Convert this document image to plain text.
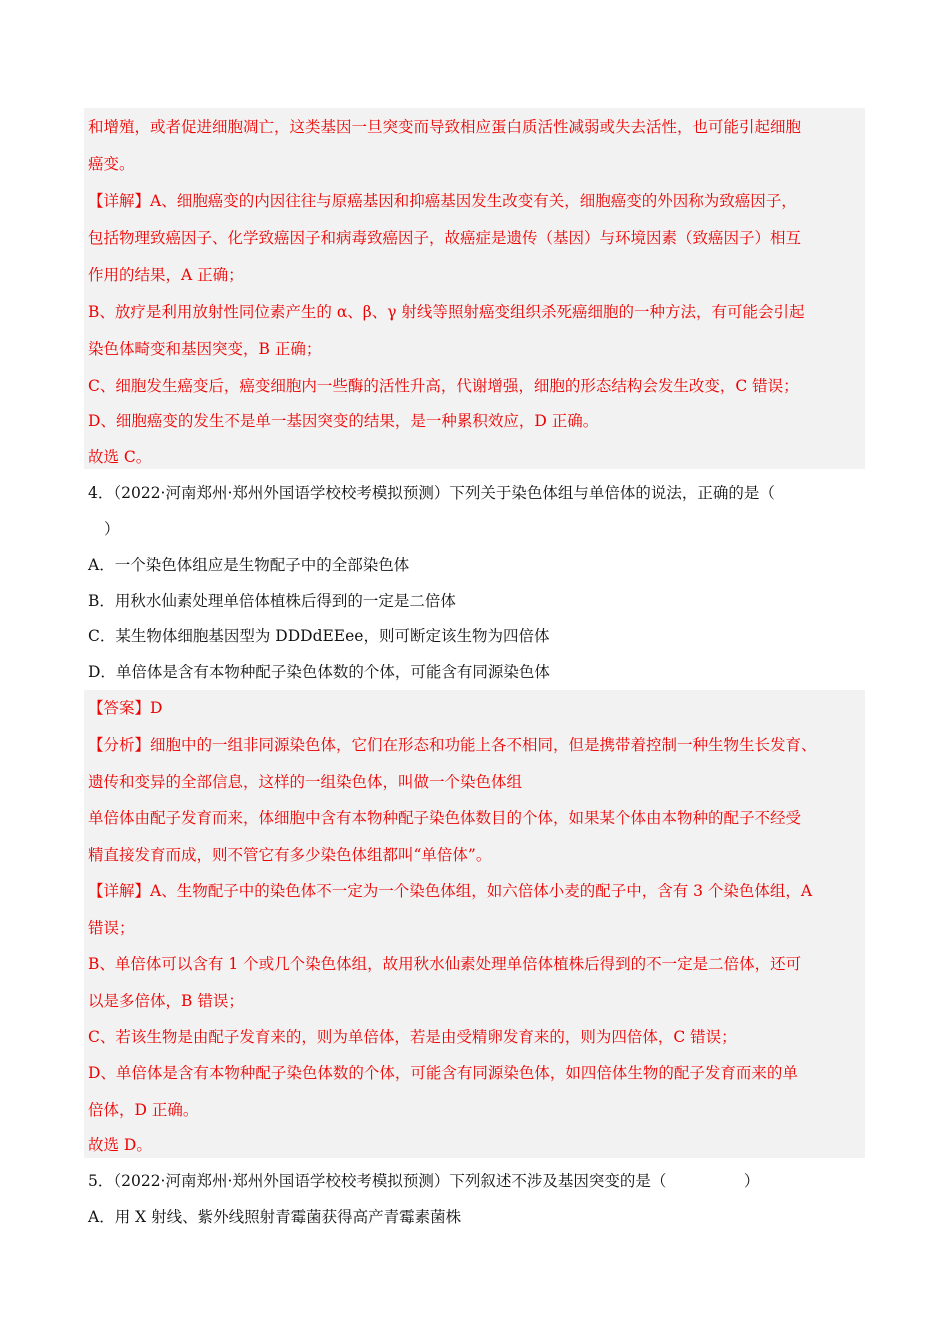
和增殖，或者促进细胞凋亡，这类基因一旦突变而导致相应蛋白质活性减弱或失去活性，也可能引起细胞
癌变。
【详解】A、细胞癌变的内因往往与原癌基因和抑癌基因发生改变有关，细胞癌变的外因称为致癌因子，
包括物理致癌因子、化学致癌因子和病毒致癌因子，故癌症是遗传（基因）与环境因素（致癌因子）相互
作用的结果，A 正确；
B、放疗是利用放射性同位素产生的 α、β、γ 射线等照射癌变组织杀死癌细胞的一种方法，有可能会引起
染色体畸变和基因突变，B 正确；
C、细胞发生癌变后，癌变细胞内一些酶的活性升高，代谢增强，细胞的形态结构会发生改变，C 错误；
D、细胞癌变的发生不是单一基因突变的结果，是一种累积效应，D 正确。
故选 C。
4．（2022·河南郑州·郑州外国语学校校考模拟预测）下列关于染色体组与单倍体的说法，正确的是（
）
A．一个染色体组应是生物配子中的全部染色体
B．用秋水仙素处理单倍体植株后得到的一定是二倍体
C．某生物体细胞基因型为 DDDdEEee，则可断定该生物为四倍体
D．单倍体是含有本物种配子染色体数的个体，可能含有同源染色体
【答案】D
【分析】细胞中的一组非同源染色体，它们在形态和功能上各不相同，但是携带着控制一种生物生长发育、
遗传和变异的全部信息，这样的一组染色体，叫做一个染色体组
单倍体由配子发育而来，体细胞中含有本物种配子染色体数目的个体，如果某个体由本物种的配子不经受
精直接发育而成，则不管它有多少染色体组都叫“单倍体”。
【详解】A、生物配子中的染色体不一定为一个染色体组，如六倍体小麦的配子中，含有 3 个染色体组，A
错误；
B、单倍体可以含有 1 个或几个染色体组，故用秋水仙素处理单倍体植株后得到的不一定是二倍体，还可
以是多倍体，B 错误；
C、若该生物是由配子发育来的，则为单倍体，若是由受精卵发育来的，则为四倍体，C 错误；
D、单倍体是含有本物种配子染色体数的个体，可能含有同源染色体，如四倍体生物的配子发育而来的单
倍体，D 正确。
故选 D。
5．（2022·河南郑州·郑州外国语学校校考模拟预测）下列叙述不涉及基因突变的是（　　　　　）
A．用 X 射线、紫外线照射青霉菌获得高产青霉素菌株
